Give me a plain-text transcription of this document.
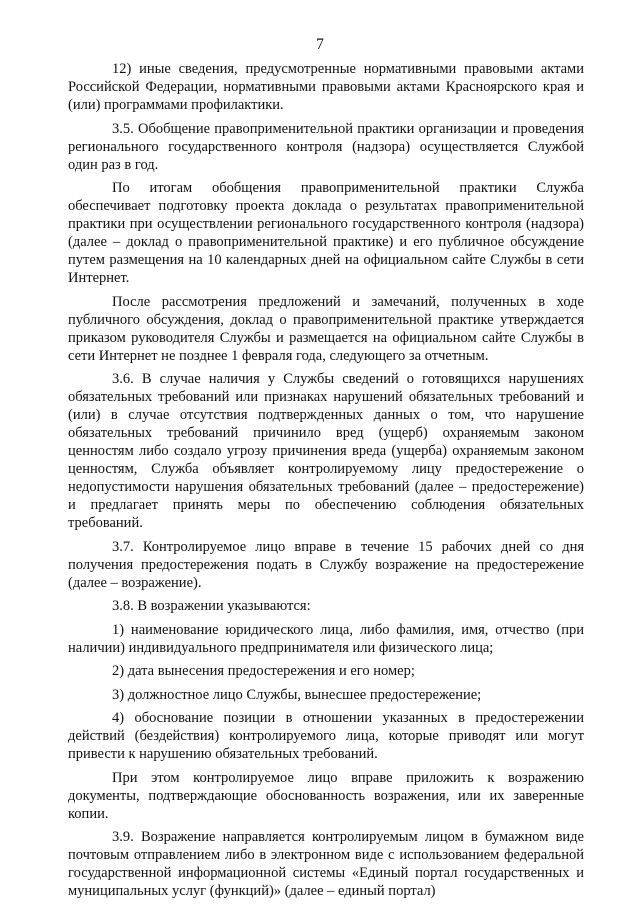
7

12) иные сведения, предусмотренные нормативными правовыми актами Российской Федерации, нормативными правовыми актами Красноярского края и (или) программами профилактики.

3.5. Обобщение правоприменительной практики организации и проведения регионального государственного контроля (надзора) осуществляется Службой один раз в год.

По итогам обобщения правоприменительной практики Служба обеспечивает подготовку проекта доклада о результатах правоприменительной практики при осуществлении регионального государственного контроля (надзора) (далее – доклад о правоприменительной практике) и его публичное обсуждение путем размещения на 10 календарных дней на официальном сайте Службы в сети Интернет.

После рассмотрения предложений и замечаний, полученных в ходе публичного обсуждения, доклад о правоприменительной практике утверждается приказом руководителя Службы и размещается на официальном сайте Службы в сети Интернет не позднее 1 февраля года, следующего за отчетным.

3.6. В случае наличия у Службы сведений о готовящихся нарушениях обязательных требований или признаках нарушений обязательных требований и (или) в случае отсутствия подтвержденных данных о том, что нарушение обязательных требований причинило вред (ущерб) охраняемым законом ценностям либо создало угрозу причинения вреда (ущерба) охраняемым законом ценностям, Служба объявляет контролируемому лицу предостережение о недопустимости нарушения обязательных требований (далее – предостережение) и предлагает принять меры по обеспечению соблюдения обязательных требований.

3.7. Контролируемое лицо вправе в течение 15 рабочих дней со дня получения предостережения подать в Службу возражение на предостережение (далее – возражение).

3.8. В возражении указываются:

1) наименование юридического лица, либо фамилия, имя, отчество (при наличии) индивидуального предпринимателя или физического лица;

2) дата вынесения предостережения и его номер;

3) должностное лицо Службы, вынесшее предостережение;

4) обоснование позиции в отношении указанных в предостережении действий (бездействия) контролируемого лица, которые приводят или могут привести к нарушению обязательных требований.

При этом контролируемое лицо вправе приложить к возражению документы, подтверждающие обоснованность возражения, или их заверенные копии.

3.9. Возражение направляется контролируемым лицом в бумажном виде почтовым отправлением либо в электронном виде с использованием федеральной государственной информационной системы «Единый портал государственных и муниципальных услуг (функций)» (далее – единый портал)
